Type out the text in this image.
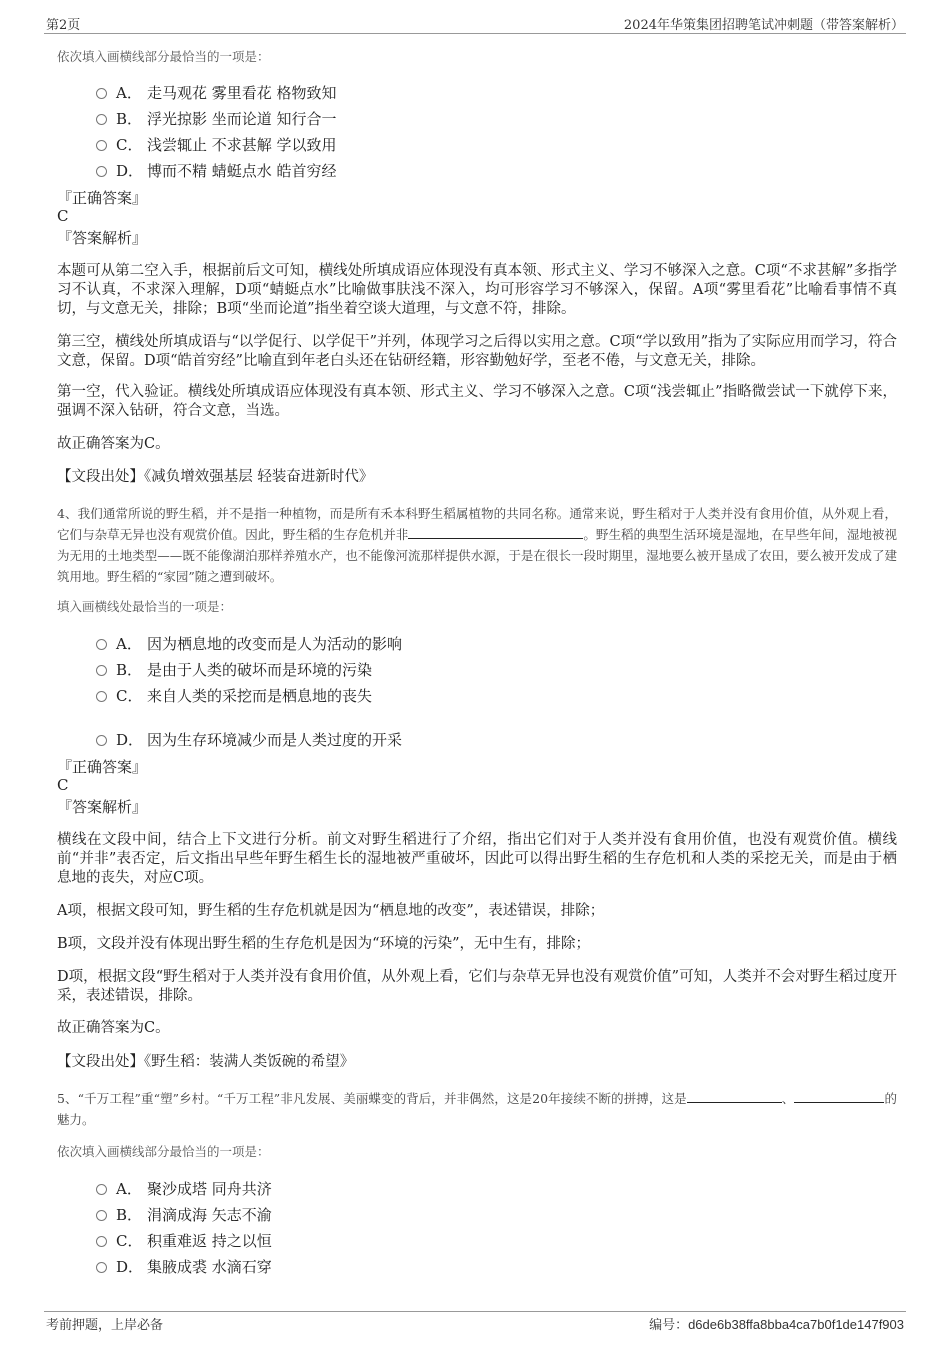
第2页	2024年华策集团招聘笔试冲刺题（带答案解析）
依次填入画横线部分最恰当的一项是：
A． 走马观花 雾里看花 格物致知
B． 浮光掠影 坐而论道 知行合一
C． 浅尝辄止 不求甚解 学以致用
D． 博而不精 蜻蜓点水 皓首穷经
『正确答案』
C
『答案解析』
本题可从第二空入手，根据前后文可知，横线处所填成语应体现没有真本领、形式主义、学习不够深入之意。C项“不求甚解”多指学习不认真，不求深入理解，D项“蜻蜓点水”比喻做事肤浅不深入，均可形容学习不够深入，保留。A项“雾里看花”比喻看事情不真切，与文意无关，排除；B项“坐而论道”指坐着空谈大道理，与文意不符，排除。
第三空，横线处所填成语与“以学促行、以学促干”并列，体现学习之后得以实用之意。C项“学以致用”指为了实际应用而学习，符合文意，保留。D项“皓首穷经”比喻直到年老白头还在钻研经籍，形容勤勉好学，至老不倦，与文意无关，排除。
第一空，代入验证。横线处所填成语应体现没有真本领、形式主义、学习不够深入之意。C项“浅尝辄止”指略微尝试一下就停下来，强调不深入钻研，符合文意，当选。
故正确答案为C。
【文段出处】《减负增效强基层 轻装奋进新时代》
4、我们通常所说的野生稻，并不是指一种植物，而是所有禾本科野生稻属植物的共同名称。通常来说，野生稻对于人类并没有食用价值，从外观上看，它们与杂草无异也没有观赏价值。因此，野生稻的生存危机并非	。野生稻的典型生活环境是湿地，在早些年间，湿地被视为无用的土地类型——既不能像湖泊那样养殖水产，也不能像河流那样提供水源，于是在很长一段时期里，湿地要么被开垦成了农田，要么被开发成了建筑用地。野生稻的“家园”随之遭到破坏。
填入画横线处最恰当的一项是：
A． 因为栖息地的改变而是人为活动的影响
B． 是由于人类的破坏而是环境的污染
C． 来自人类的采挖而是栖息地的丧失
D． 因为生存环境减少而是人类过度的开采
『正确答案』
C
『答案解析』
横线在文段中间，结合上下文进行分析。前文对野生稻进行了介绍，指出它们对于人类并没有食用价值，也没有观赏价值。横线前“并非”表否定，后文指出早些年野生稻生长的湿地被严重破坏，因此可以得出野生稻的生存危机和人类的采挖无关，而是由于栖息地的丧失，对应C项。
A项，根据文段可知，野生稻的生存危机就是因为“栖息地的改变”，表述错误，排除；
B项，文段并没有体现出野生稻的生存危机是因为“环境的污染”，无中生有，排除；
D项，根据文段“野生稻对于人类并没有食用价值，从外观上看，它们与杂草无异也没有观赏价值”可知，人类并不会对野生稻过度开采，表述错误，排除。
故正确答案为C。
【文段出处】《野生稻：装满人类饭碗的希望》
5、“千万工程”重“塑”乡村。“千万工程”非凡发展、美丽蝶变的背后，并非偶然，这是20年接续不断的拼搏，这是	、	的魅力。
依次填入画横线部分最恰当的一项是：
A． 聚沙成塔 同舟共济
B． 涓滴成海 矢志不渝
C． 积重难返 持之以恒
D． 集腋成裘 水滴石穿
考前押题，上岸必备	编号：d6de6b38ffa8bba4ca7b0f1de147f903
